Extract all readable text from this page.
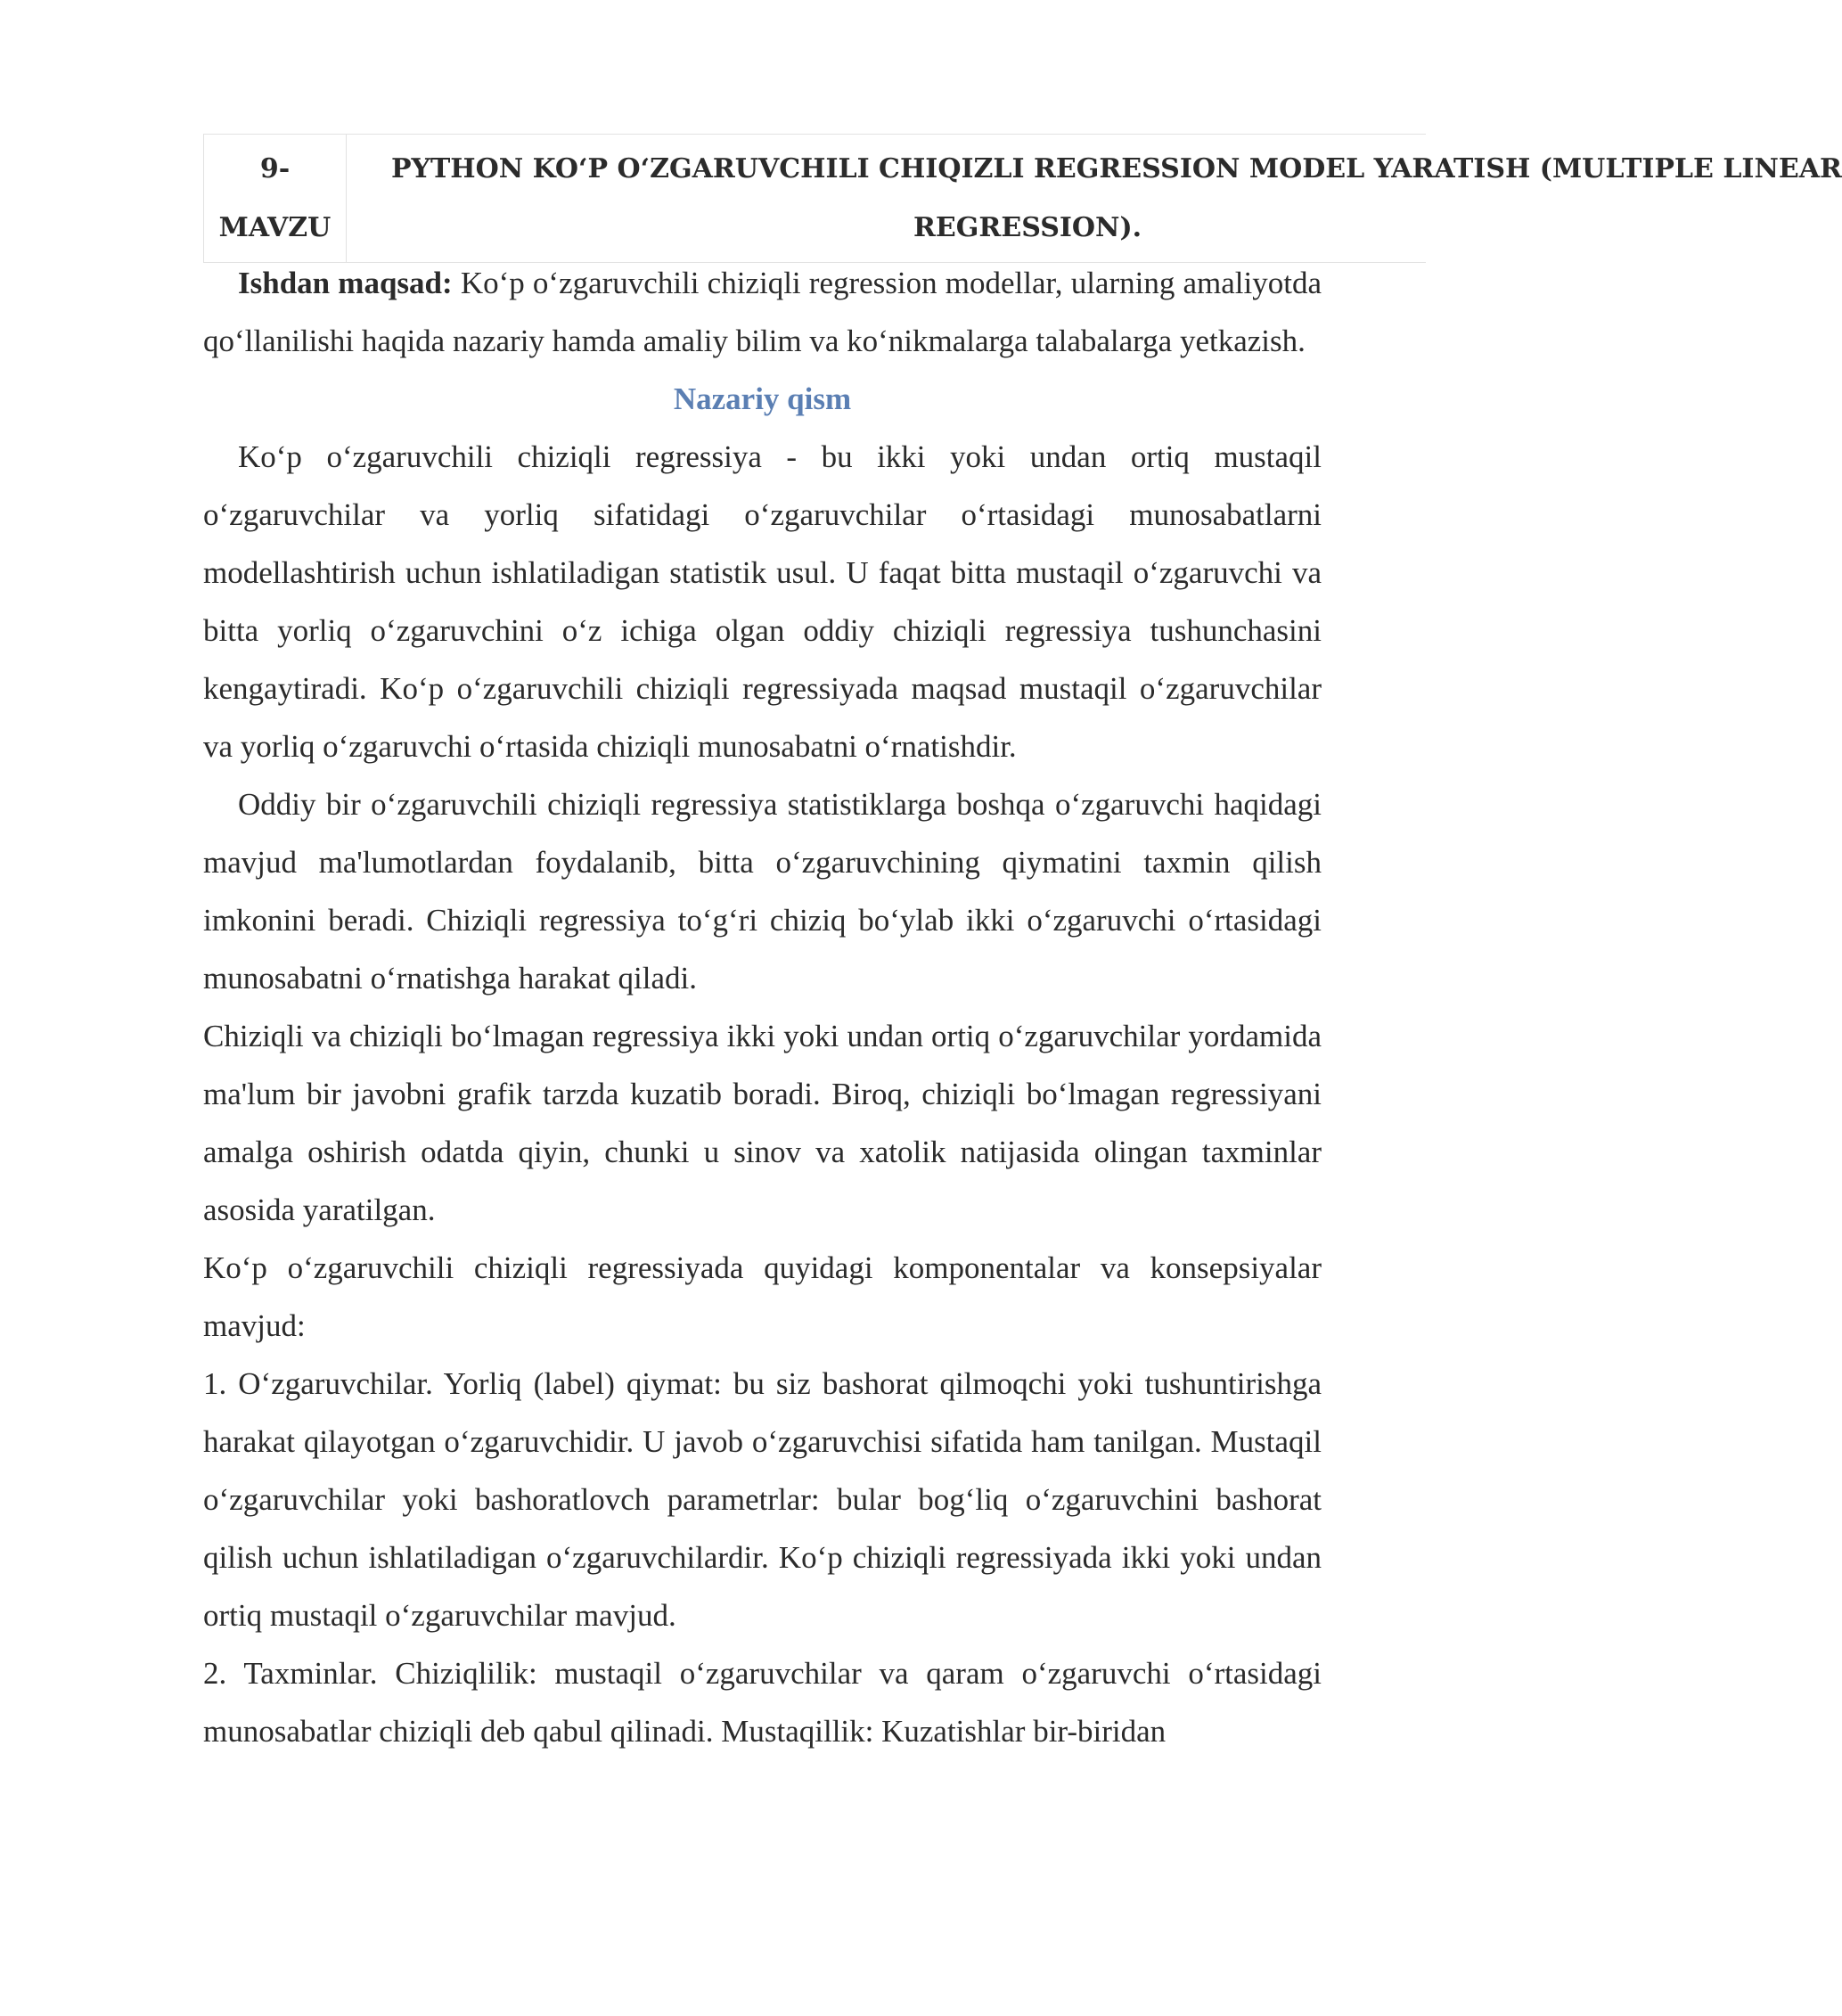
9-
MAVZU
PYTHON KO‘P O‘ZGARUVCHILI CHIQIZLI REGRESSION MODEL YARATISH (MULTIPLE LINEAR
REGRESSION).

Ishdan maqsad: Ko‘p o‘zgaruvchili chiziqli regression modellar, ularning amaliyotda qo‘llanilishi haqida nazariy hamda amaliy bilim va ko‘nikmalarga talabalarga yetkazish.

Nazariy qism

Ko‘p o‘zgaruvchili chiziqli regressiya - bu ikki yoki undan ortiq mustaqil o‘zgaruvchilar va yorliq sifatidagi o‘zgaruvchilar o‘rtasidagi munosabatlarni modellashtirish uchun ishlatiladigan statistik usul. U faqat bitta mustaqil o‘zgaruvchi va bitta yorliq o‘zgaruvchini o‘z ichiga olgan oddiy chiziqli regressiya tushunchasini kengaytiradi. Ko‘p o‘zgaruvchili chiziqli regressiyada maqsad mustaqil o‘zgaruvchilar va yorliq o‘zgaruvchi o‘rtasida chiziqli munosabatni o‘rnatishdir.

Oddiy bir o‘zgaruvchili chiziqli regressiya statistiklarga boshqa o‘zgaruvchi haqidagi mavjud ma'lumotlardan foydalanib, bitta o‘zgaruvchining qiymatini taxmin qilish imkonini beradi. Chiziqli regressiya to‘g‘ri chiziq bo‘ylab ikki o‘zgaruvchi o‘rtasidagi munosabatni o‘rnatishga harakat qiladi.

Chiziqli va chiziqli bo‘lmagan regressiya ikki yoki undan ortiq o‘zgaruvchilar yordamida ma'lum bir javobni grafik tarzda kuzatib boradi. Biroq, chiziqli bo‘lmagan regressiyani amalga oshirish odatda qiyin, chunki u sinov va xatolik natijasida olingan taxminlar asosida yaratilgan.

Ko‘p o‘zgaruvchili chiziqli regressiyada quyidagi komponentalar va konsepsiyalar mavjud:

1. O‘zgaruvchilar. Yorliq (label) qiymat: bu siz bashorat qilmoqchi yoki tushuntirishga harakat qilayotgan o‘zgaruvchidir. U javob o‘zgaruvchisi sifatida ham tanilgan. Mustaqil o‘zgaruvchilar yoki bashoratlovch parametrlar: bular bog‘liq o‘zgaruvchini bashorat qilish uchun ishlatiladigan o‘zgaruvchilardir. Ko‘p chiziqli regressiyada ikki yoki undan ortiq mustaqil o‘zgaruvchilar mavjud.

2. Taxminlar. Chiziqlilik: mustaqil o‘zgaruvchilar va qaram o‘zgaruvchi o‘rtasidagi munosabatlar chiziqli deb qabul qilinadi. Mustaqillik: Kuzatishlar bir-biridan
